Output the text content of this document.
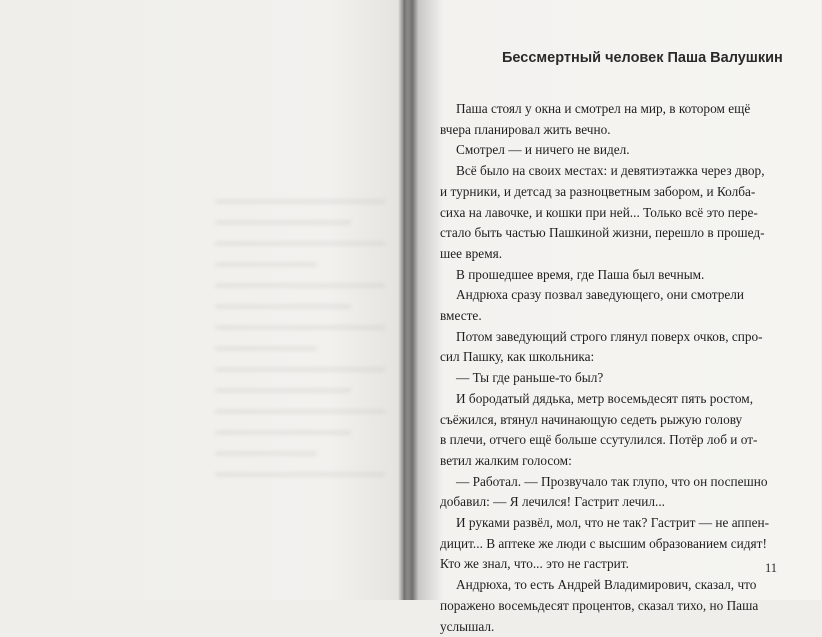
Бессмертный человек Паша Валушкин
Паша стоял у окна и смотрел на мир, в котором ещё
вчера планировал жить вечно.
Смотрел — и ничего не видел.
Всё было на своих местах: и девятиэтажка через двор,
и турники, и детсад за разноцветным забором, и Колба-
сиха на лавочке, и кошки при ней... Только всё это пере-
стало быть частью Пашкиной жизни, перешло в прошед-
шее время.
В прошедшее время, где Паша был вечным.
Андрюха сразу позвал заведующего, они смотрели
вместе.
Потом заведующий строго глянул поверх очков, спро-
сил Пашку, как школьника:
— Ты где раньше-то был?
И бородатый дядька, метр восемьдесят пять ростом,
съёжился, втянул начинающую седеть рыжую голову
в плечи, отчего ещё больше ссутулился. Потёр лоб и от-
ветил жалким голосом:
— Работал. — Прозвучало так глупо, что он поспешно
добавил: — Я лечился! Гастрит лечил...
И руками развёл, мол, что не так? Гастрит — не аппен-
дицит... В аптеке же люди с высшим образованием сидят!
Кто же знал, что... это не гастрит.
Андрюха, то есть Андрей Владимирович, сказал, что
поражено восемьдесят процентов, сказал тихо, но Паша
услышал.
11
